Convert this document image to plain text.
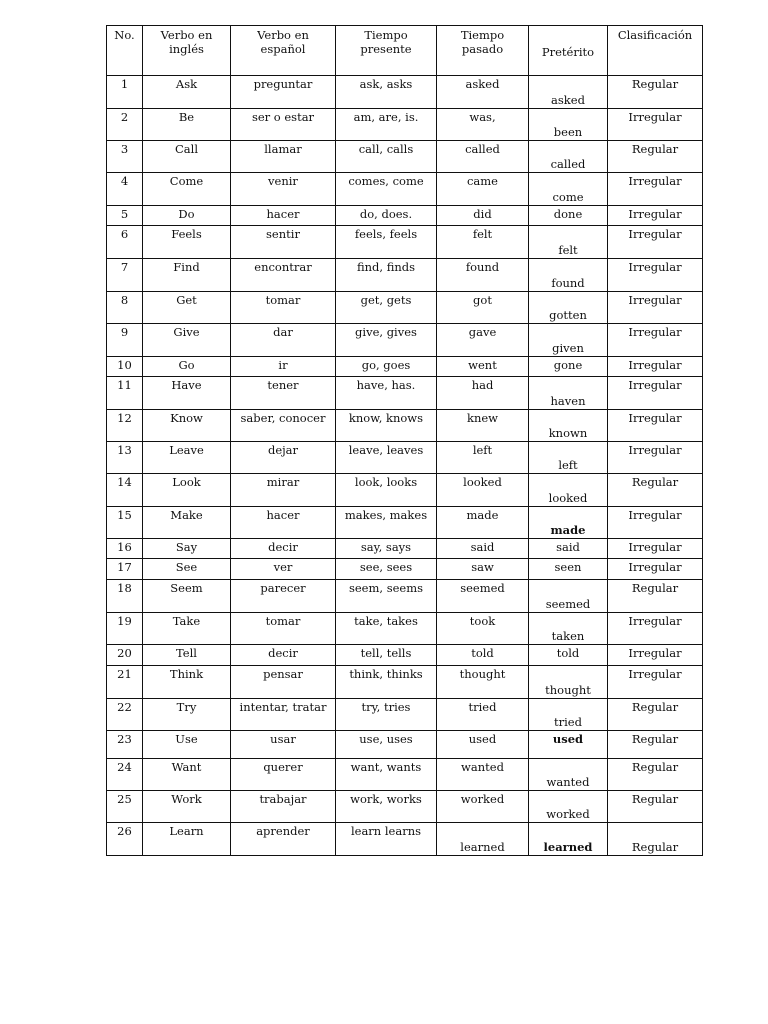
No.	Verbo en inglés	Verbo en español	Tiempo presente	Tiempo pasado	Pretérito	Clasificación
1	Ask	preguntar	ask, asks	asked	asked	Regular
2	Be	ser o estar	am, are, is.	was,	been	Irregular
3	Call	llamar	call, calls	called	called	Regular
4	Come	venir	comes, come	came	come	Irregular
5	Do	hacer	do, does.	did	done	Irregular
6	Feels	sentir	feels, feels	felt	felt	Irregular
7	Find	encontrar	find, finds	found	found	Irregular
8	Get	tomar	get, gets	got	gotten	Irregular
9	Give	dar	give, gives	gave	given	Irregular
10	Go	ir	go, goes	went	gone	Irregular
11	Have	tener	have, has.	had	haven	Irregular
12	Know	saber, conocer	know, knows	knew	known	Irregular
13	Leave	dejar	leave, leaves	left	left	Irregular
14	Look	mirar	look, looks	looked	looked	Regular
15	Make	hacer	makes, makes	made	made	Irregular
16	Say	decir	say, says	said	said	Irregular
17	See	ver	see, sees	saw	seen	Irregular
18	Seem	parecer	seem, seems	seemed	seemed	Regular
19	Take	tomar	take, takes	took	taken	Irregular
20	Tell	decir	tell, tells	told	told	Irregular
21	Think	pensar	think, thinks	thought	thought	Irregular
22	Try	intentar, tratar	try, tries	tried	tried	Regular
23	Use	usar	use, uses	used	used	Regular
24	Want	querer	want, wants	wanted	wanted	Regular
25	Work	trabajar	work, works	worked	worked	Regular
26	Learn	aprender	learn learns	learned	learned	Regular
